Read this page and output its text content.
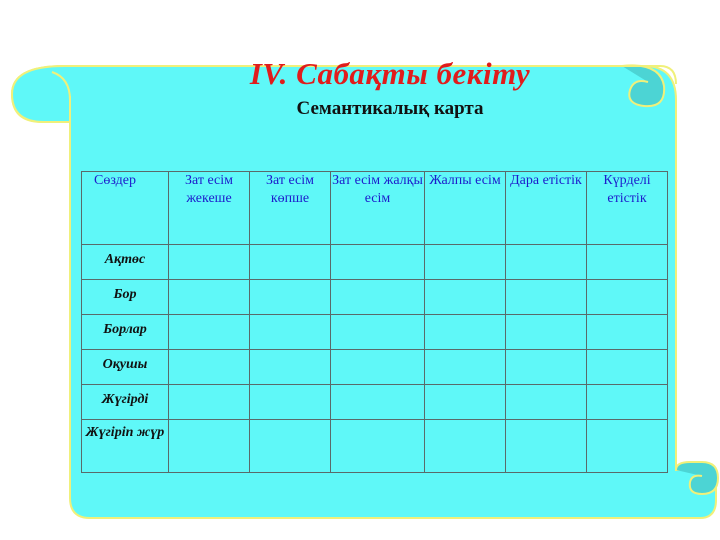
IV. Сабақты бекіту
Семантикалық карта
Сөздер	Зат есім жекеше	Зат есім көпше	Зат есім жалқы есім	Жалпы есім	Дара етістік	Күрделі етістік
Ақтөс						
Бор						
Борлар						
Оқушы						
Жүгірді						
Жүгіріп жүр						
